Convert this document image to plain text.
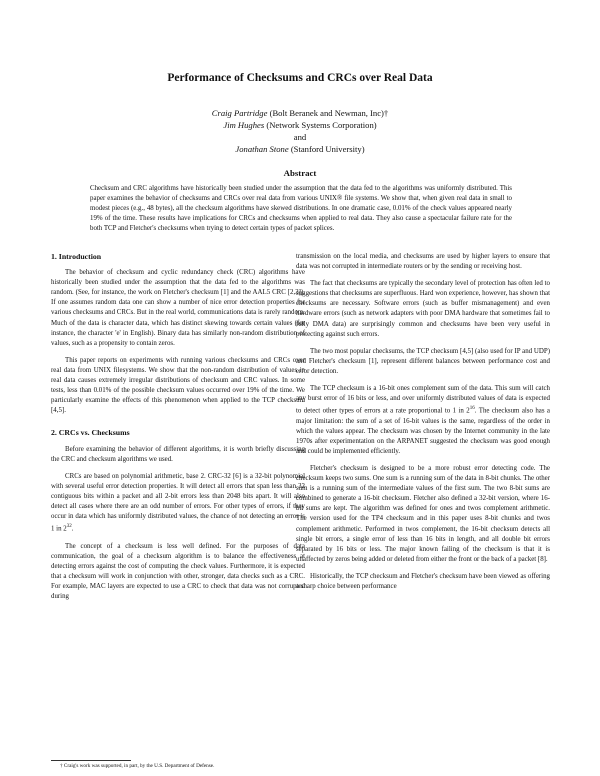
Performance of Checksums and CRCs over Real Data
Craig Partridge (Bolt Beranek and Newman, Inc)†
Jim Hughes (Network Systems Corporation)
and
Jonathan Stone (Stanford University)
Abstract
Checksum and CRC algorithms have historically been studied under the assumption that the data fed to the algorithms was uniformly distributed. This paper examines the behavior of checksums and CRCs over real data from various UNIX® file systems. We show that, when given real data in small to modest pieces (e.g., 48 bytes), all the checksum algorithms have skewed distributions. In one dramatic case, 0.01% of the check values appeared nearly 19% of the time. These results have implications for CRCs and checksums when applied to real data. They also cause a spectacular failure rate for the both TCP and Fletcher's checksums when trying to detect certain types of packet splices.
1. Introduction

The behavior of checksum and cyclic redundancy check (CRC) algorithms have historically been studied under the assumption that the data fed to the algorithms was random. (See, for instance, the work on Fletcher's checksum [1] and the AAL5 CRC [2,3]). If one assumes random data one can show a number of nice error detection properties for various checksums and CRCs. But in the real world, communications data is rarely random. Much of the data is character data, which has distinct skewing towards certain values (for instance, the character 'e' in English). Binary data has similarly non-random distribution of values, such as a propensity to contain zeros.

This paper reports on experiments with running various checksums and CRCs over real data from UNIX filesystems. We show that the non-random distribution of values in real data causes extremely irregular distributions of checksum and CRC values. In some tests, less than 0.01% of the possible checksum values occurred over 19% of the time. We particularly examine the effects of this phenomenon when applied to the TCP checksum [4,5].

2. CRCs vs. Checksums

Before examining the behavior of different algorithms, it is worth briefly discussing the CRC and checksum algorithms we used.

CRCs are based on polynomial arithmetic, base 2. CRC-32 [6] is a 32-bit polynomial with several useful error detection properties. It will detect all errors that span less than 32 contiguous bits within a packet and all 2-bit errors less than 2048 bits apart. It will also detect all cases where there are an odd number of errors. For other types of errors, if they occur in data which has uniformly distributed values, the chance of not detecting an error is 1 in $2^{32}$.

The concept of a checksum is less well defined. For the purposes of data communication, the goal of a checksum algorithm is to balance the effectiveness at detecting errors against the cost of computing the check values. Furthermore, it is expected that a checksum will work in conjunction with other, stronger, data checks such as a CRC. For example, MAC layers are expected to use a CRC to check that data was not corrupted during

transmission on the local media, and checksums are used by higher layers to ensure that data was not corrupted in intermediate routers or by the sending or receiving host.

The fact that checksums are typically the secondary level of protection has often led to suggestions that checksums are superfluous. Hard won experience, however, has shown that checksums are necessary. Software errors (such as buffer mismanagement) and even hardware errors (such as network adapters with poor DMA hardware that sometimes fail to fully DMA data) are surprisingly common and checksums have been very useful in protecting against such errors.

The two most popular checksums, the TCP checksum [4,5] (also used for IP and UDP) and Fletcher's checksum [1], represent different balances between performance cost and error detection.

The TCP checksum is a 16-bit ones complement sum of the data. This sum will catch any burst error of 16 bits or less, and over uniformly distributed values of data is expected to detect other types of errors at a rate proportional to 1 in $2^{16}$. The checksum also has a major limitation: the sum of a set of 16-bit values is the same, regardless of the order in which the values appear. The checksum was chosen by the Internet community in the late 1970s after experimentation on the ARPANET suggested the checksum was good enough and could be implemented efficiently.

Fletcher's checksum is designed to be a more robust error detecting code. The checksum keeps two sums. One sum is a running sum of the data in 8-bit chunks. The other sum is a running sum of the intermediate values of the first sum. The two 8-bit sums are combined to generate a 16-bit checksum. Fletcher also defined a 32-bit version, where 16-bit sums are kept. The algorithm was defined for ones and twos complement arithmetic. The version used for the TP4 checksum and in this paper uses 8-bit chunks and twos complement arithmetic. Performed in twos complement, the 16-bit checksum detects all single bit errors, a single error of less than 16 bits in length, and all double bit errors separated by 16 bits or less. The major known failing of the checksum is that it is unaffected by zeros being added or deleted from either the front or the back of a packet [8].

Historically, the TCP checksum and Fletcher's checksum have been viewed as offering a sharp choice between performance

† Craig's work was supported, in part, by the U.S. Department of Defense.
